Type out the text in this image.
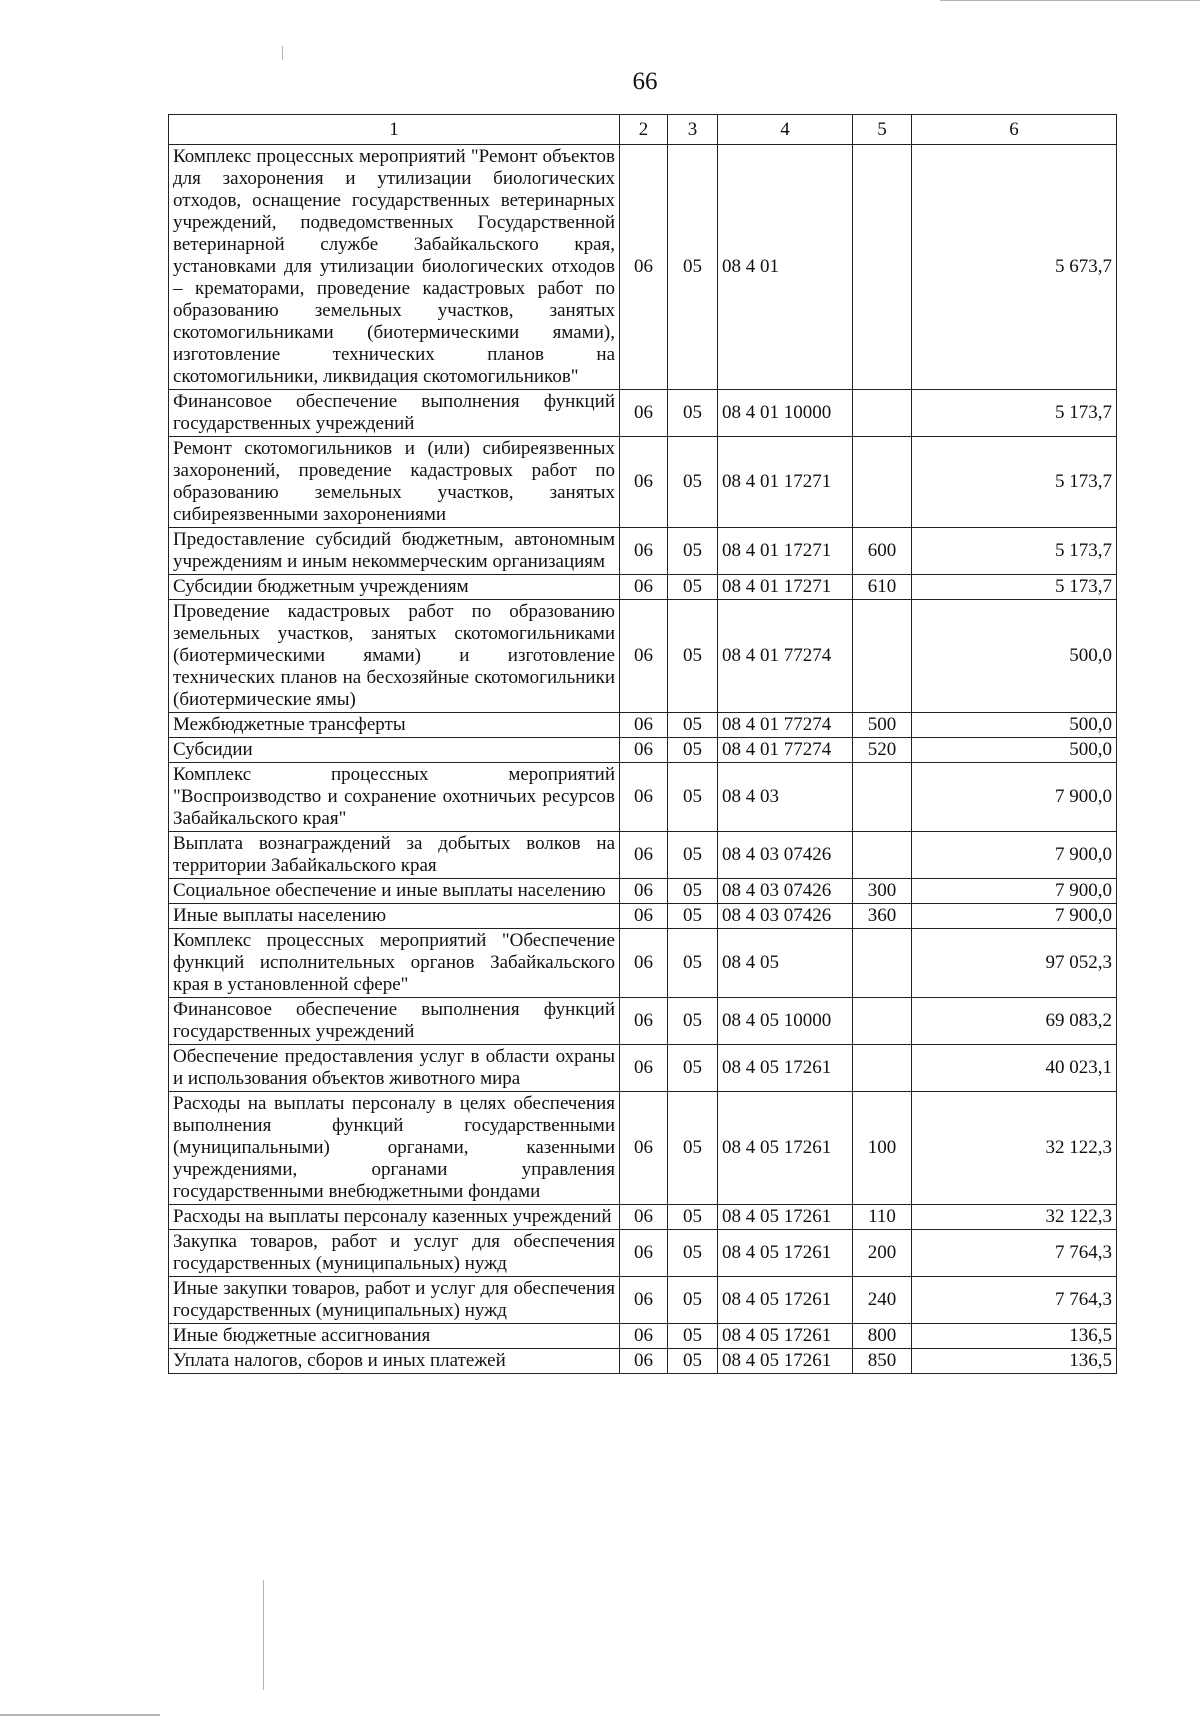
66
1	2	3	4	5	6
Комплекс процессных мероприятий "Ремонт объектов для захоронения и утилизации биологических отходов, оснащение государственных ветеринарных учреждений, подведомственных Государственной ветеринарной службе Забайкальского края, установками для утилизации биологических отходов – крематорами, проведение кадастровых работ по образованию земельных участков, занятых скотомогильниками (биотермическими ямами), изготовление технических планов на скотомогильники, ликвидация скотомогильников"	06	05	08 4 01		5 673,7
Финансовое обеспечение выполнения функций государственных учреждений	06	05	08 4 01 10000		5 173,7
Ремонт скотомогильников и (или) сибиреязвенных захоронений, проведение кадастровых работ по образованию земельных участков, занятых сибиреязвенными захоронениями	06	05	08 4 01 17271		5 173,7
Предоставление субсидий бюджетным, автономным учреждениям и иным некоммерческим организациям	06	05	08 4 01 17271	600	5 173,7
Субсидии бюджетным учреждениям	06	05	08 4 01 17271	610	5 173,7
Проведение кадастровых работ по образованию земельных участков, занятых скотомогильниками (биотермическими ямами) и изготовление технических планов на бесхозяйные скотомогильники (биотермические ямы)	06	05	08 4 01 77274		500,0
Межбюджетные трансферты	06	05	08 4 01 77274	500	500,0
Субсидии	06	05	08 4 01 77274	520	500,0
Комплекс процессных мероприятий "Воспроизводство и сохранение охотничьих ресурсов Забайкальского края"	06	05	08 4 03		7 900,0
Выплата вознаграждений за добытых волков на территории Забайкальского края	06	05	08 4 03 07426		7 900,0
Социальное обеспечение и иные выплаты населению	06	05	08 4 03 07426	300	7 900,0
Иные выплаты населению	06	05	08 4 03 07426	360	7 900,0
Комплекс процессных мероприятий "Обеспечение функций исполнительных органов Забайкальского края в установленной сфере"	06	05	08 4 05		97 052,3
Финансовое обеспечение выполнения функций государственных учреждений	06	05	08 4 05 10000		69 083,2
Обеспечение предоставления услуг в области охраны и использования объектов животного мира	06	05	08 4 05 17261		40 023,1
Расходы на выплаты персоналу в целях обеспечения выполнения функций государственными (муниципальными) органами, казенными учреждениями, органами управления государственными внебюджетными фондами	06	05	08 4 05 17261	100	32 122,3
Расходы на выплаты персоналу казенных учреждений	06	05	08 4 05 17261	110	32 122,3
Закупка товаров, работ и услуг для обеспечения государственных (муниципальных) нужд	06	05	08 4 05 17261	200	7 764,3
Иные закупки товаров, работ и услуг для обеспечения государственных (муниципальных) нужд	06	05	08 4 05 17261	240	7 764,3
Иные бюджетные ассигнования	06	05	08 4 05 17261	800	136,5
Уплата налогов, сборов и иных платежей	06	05	08 4 05 17261	850	136,5
